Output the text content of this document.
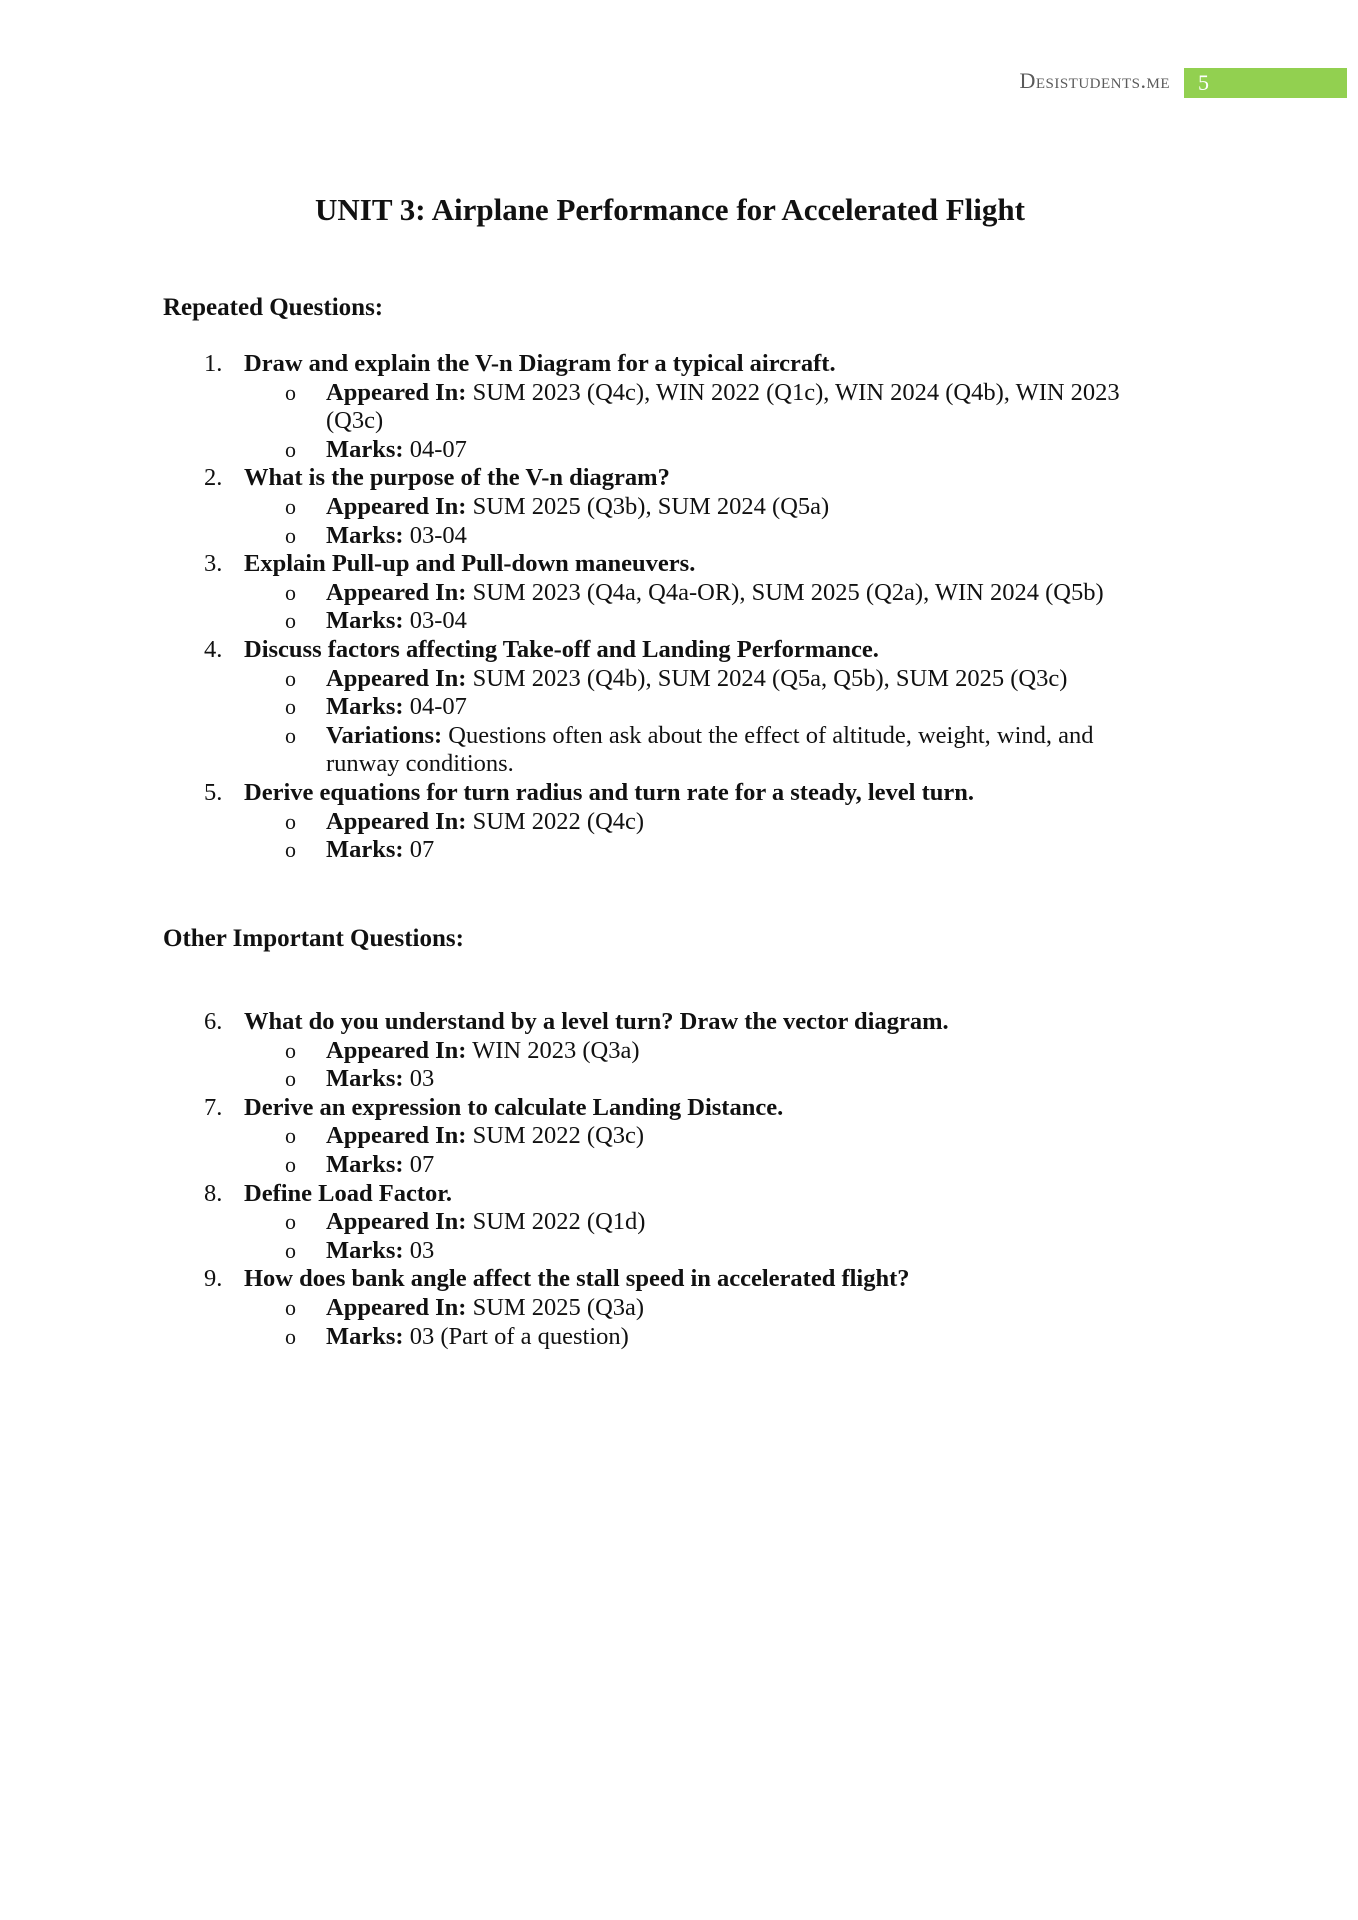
Desistudents.me	5
UNIT 3: Airplane Performance for Accelerated Flight
Repeated Questions:
1. Draw and explain the V-n Diagram for a typical aircraft.
o Appeared In: SUM 2023 (Q4c), WIN 2022 (Q1c), WIN 2024 (Q4b), WIN 2023 (Q3c)
o Marks: 04-07
2. What is the purpose of the V-n diagram?
o Appeared In: SUM 2025 (Q3b), SUM 2024 (Q5a)
o Marks: 03-04
3. Explain Pull-up and Pull-down maneuvers.
o Appeared In: SUM 2023 (Q4a, Q4a-OR), SUM 2025 (Q2a), WIN 2024 (Q5b)
o Marks: 03-04
4. Discuss factors affecting Take-off and Landing Performance.
o Appeared In: SUM 2023 (Q4b), SUM 2024 (Q5a, Q5b), SUM 2025 (Q3c)
o Marks: 04-07
o Variations: Questions often ask about the effect of altitude, weight, wind, and runway conditions.
5. Derive equations for turn radius and turn rate for a steady, level turn.
o Appeared In: SUM 2022 (Q4c)
o Marks: 07
Other Important Questions:
6. What do you understand by a level turn? Draw the vector diagram.
o Appeared In: WIN 2023 (Q3a)
o Marks: 03
7. Derive an expression to calculate Landing Distance.
o Appeared In: SUM 2022 (Q3c)
o Marks: 07
8. Define Load Factor.
o Appeared In: SUM 2022 (Q1d)
o Marks: 03
9. How does bank angle affect the stall speed in accelerated flight?
o Appeared In: SUM 2025 (Q3a)
o Marks: 03 (Part of a question)
